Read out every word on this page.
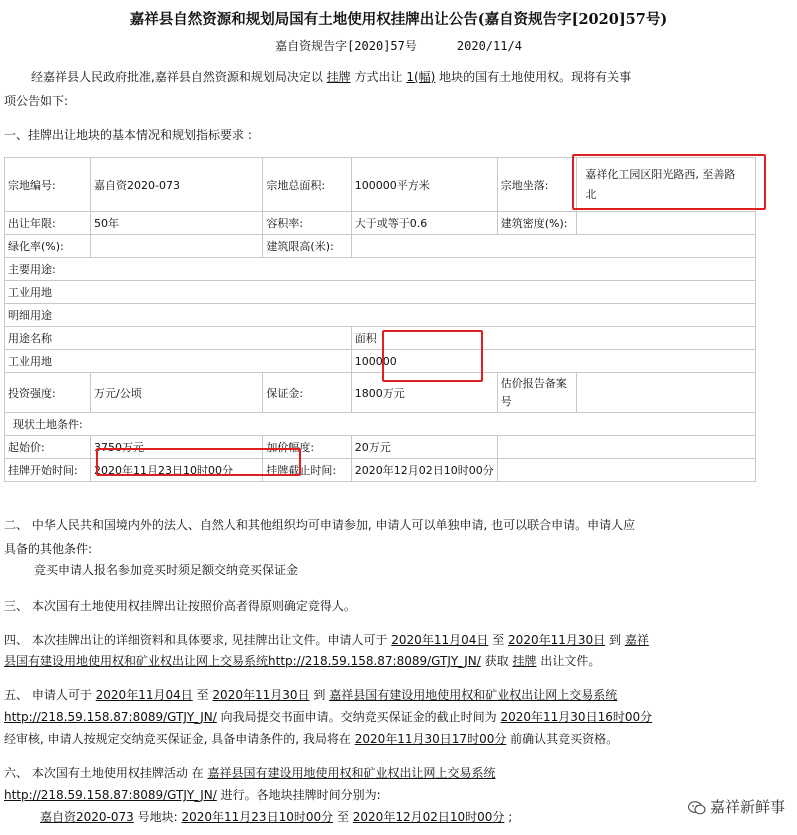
嘉祥县自然资源和规划局国有土地使用权挂牌出让公告(嘉自资规告字[2020]57号)
嘉自资规告字[2020]57号	2020/11/4
经嘉祥县人民政府批准,嘉祥县自然资源和规划局决定以 挂牌 方式出让 1(幅) 地块的国有土地使用权。现将有关事
项公告如下:
一、挂牌出让地块的基本情况和规划指标要求 :
宗地编号:	嘉自资2020-073	宗地总面积:	100000平方米	宗地坐落:	嘉祥化工园区阳光路西, 至善路
北
出让年限:	50年	容积率:	大于或等于0.6	建筑密度(%):	
绿化率(%):		建筑限高(米):			
主要用途:					
工业用地					
明细用途					
用途名称			面积		
工业用地			100000		
投资强度:	万元/公顷	保证金:	1800万元	估价报告备案
号	
现状土地条件:					
起始价:	3750万元	加价幅度:	20万元		
挂牌开始时间:	2020年11月23日10时00分	挂牌截止时间:	2020年12月02日10时00分		
二、 中华人民共和国境内外的法人、自然人和其他组织均可申请参加, 申请人可以单独申请, 也可以联合申请。申请人应
具备的其他条件:
竞买申请人报名参加竞买时须足额交纳竞买保证金
三、 本次国有土地使用权挂牌出让按照价高者得原则确定竞得人。
四、 本次挂牌出让的详细资料和具体要求, 见挂牌出让文件。申请人可于 2020年11月04日 至 2020年11月30日 到 嘉祥
县国有建设用地使用权和矿业权出让网上交易系统http://218.59.158.87:8089/GTJY_JN/ 获取 挂牌 出让文件。
五、 申请人可于 2020年11月04日 至 2020年11月30日 到 嘉祥县国有建设用地使用权和矿业权出让网上交易系统
http://218.59.158.87:8089/GTJY_JN/ 向我局提交书面申请。交纳竞买保证金的截止时间为 2020年11月30日16时00分
经审核, 申请人按规定交纳竞买保证金, 具备申请条件的, 我局将在 2020年11月30日17时00分 前确认其竞买资格。
六、 本次国有土地使用权挂牌活动 在 嘉祥县国有建设用地使用权和矿业权出让网上交易系统
http://218.59.158.87:8089/GTJY_JN/ 进行。各地块挂牌时间分别为:
嘉自资2020-073 号地块: 2020年11月23日10时00分 至 2020年12月02日10时00分 ;
嘉祥新鲜事
